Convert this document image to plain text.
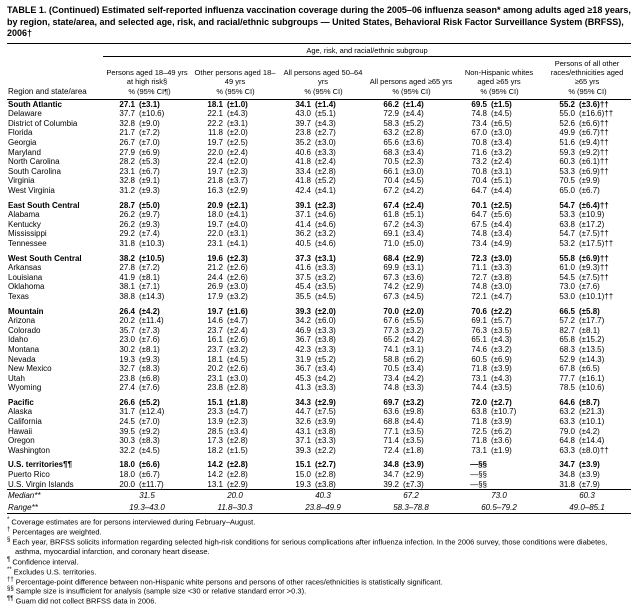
TABLE 1. (Continued) Estimated self-reported influenza vaccination coverage during the 2005–06 influenza season* among adults aged ≥18 years, by region, state/area, and selected age, risk, and racial/ethnic subgroups — United States, Behavioral Risk Factor Surveillance System (BRFSS), 2006†

	Age, risk, and racial/ethnic subgroup											
	Persons aged 18–49 yrs at high risk§		Other persons aged 18–49 yrs		All persons aged 50–64 yrs		All persons aged ≥65 yrs		Non-Hispanic whites aged ≥65 yrs		Persons of all other races/ethnicities aged ≥65 yrs	
Region and state/area	%	(95% CI¶)	%	(95% CI)	%	(95% CI)	%	(95% CI)	%	(95% CI)	%	(95% CI)
South Atlantic	27.1	(±3.1)	18.1	(±1.0)	34.1	(±1.4)	66.2	(±1.4)	69.5	(±1.5)	55.2	(±3.6)††
Delaware	37.7	(±10.6)	22.1	(±4.3)	43.0	(±5.1)	72.9	(±4.4)	74.8	(±4.5)	55.0	(±16.6)††
District of Columbia	32.8	(±9.0)	22.2	(±3.1)	39.7	(±4.3)	58.3	(±5.2)	73.4	(±6.5)	52.6	(±6.6)††
Florida	21.7	(±7.2)	11.8	(±2.0)	23.8	(±2.7)	63.2	(±2.8)	67.0	(±3.0)	49.9	(±6.7)††
Georgia	26.7	(±7.0)	19.7	(±2.5)	35.2	(±3.0)	65.6	(±3.6)	70.8	(±3.4)	51.6	(±9.4)††
Maryland	27.9	(±6.9)	22.0	(±2.4)	40.6	(±3.3)	68.3	(±3.4)	71.6	(±3.2)	59.3	(±9.2)††
North Carolina	28.2	(±5.3)	22.4	(±2.0)	41.8	(±2.4)	70.5	(±2.3)	73.2	(±2.4)	60.3	(±6.1)††
South Carolina	23.1	(±6.7)	19.7	(±2.3)	33.4	(±2.8)	66.1	(±3.0)	70.8	(±3.1)	53.3	(±6.9)††
Virginia	32.8	(±9.1)	21.8	(±3.7)	41.8	(±5.2)	70.4	(±4.5)	70.4	(±5.1)	70.5	(±9.9)
West Virginia	31.2	(±9.3)	16.3	(±2.9)	42.4	(±4.1)	67.2	(±4.2)	64.7	(±4.4)	65.0	(±6.7)

East South Central	28.7	(±5.0)	20.9	(±2.1)	39.1	(±2.3)	67.4	(±2.4)	70.1	(±2.5)	54.7	(±6.4)††
Alabama	26.2	(±9.7)	18.0	(±4.1)	37.1	(±4.6)	61.8	(±5.1)	64.7	(±5.6)	53.3	(±10.9)
Kentucky	26.2	(±9.3)	19.7	(±4.0)	41.4	(±4.6)	67.2	(±4.3)	67.5	(±4.4)	63.8	(±17.2)
Mississippi	29.2	(±7.4)	22.0	(±3.1)	36.2	(±3.2)	69.1	(±3.4)	74.8	(±3.4)	54.7	(±7.5)††
Tennessee	31.8	(±10.3)	23.1	(±4.1)	40.5	(±4.6)	71.0	(±5.0)	73.4	(±4.9)	53.2	(±17.5)††

West South Central	38.2	(±10.5)	19.6	(±2.3)	37.3	(±3.1)	68.4	(±2.9)	72.3	(±3.0)	55.8	(±6.9)††
Arkansas	27.8	(±7.2)	21.2	(±2.6)	41.6	(±3.3)	69.9	(±3.1)	71.1	(±3.3)	61.0	(±9.3)††
Louisiana	41.9	(±8.1)	24.4	(±2.6)	37.5	(±3.2)	67.3	(±3.6)	72.7	(±3.8)	54.5	(±7.5)††
Oklahoma	38.1	(±7.1)	26.9	(±3.0)	45.4	(±3.5)	74.2	(±2.9)	74.8	(±3.0)	73.0	(±7.6)
Texas	38.8	(±14.3)	17.9	(±3.2)	35.5	(±4.5)	67.3	(±4.5)	72.1	(±4.7)	53.0	(±10.1)††

Mountain	26.4	(±4.2)	19.7	(±1.6)	39.3	(±2.0)	70.0	(±2.0)	70.6	(±2.2)	66.5	(±5.8)
Arizona	20.2	(±11.4)	14.6	(±4.7)	34.2	(±6.0)	67.6	(±5.5)	69.1	(±5.7)	57.2	(±17.7)
Colorado	35.7	(±7.3)	23.7	(±2.4)	46.9	(±3.3)	77.3	(±3.2)	76.3	(±3.5)	82.7	(±8.1)
Idaho	23.0	(±7.6)	16.1	(±2.6)	36.7	(±3.8)	65.2	(±4.2)	65.1	(±4.3)	65.8	(±15.2)
Montana	30.2	(±8.1)	23.7	(±3.2)	42.3	(±3.3)	74.1	(±3.1)	74.6	(±3.2)	68.3	(±13.5)
Nevada	19.3	(±9.3)	18.1	(±4.5)	31.9	(±5.2)	58.8	(±6.2)	60.5	(±6.9)	52.9	(±14.3)
New Mexico	32.7	(±8.3)	20.2	(±2.6)	36.7	(±3.4)	70.5	(±3.4)	71.8	(±3.9)	67.8	(±6.5)
Utah	23.8	(±6.8)	23.1	(±3.0)	45.3	(±4.2)	73.4	(±4.2)	73.1	(±4.3)	77.7	(±16.1)
Wyoming	27.4	(±7.6)	23.8	(±2.8)	41.3	(±3.3)	74.8	(±3.3)	74.4	(±3.5)	78.5	(±10.6)

Pacific	26.6	(±5.2)	15.1	(±1.8)	34.3	(±2.9)	69.7	(±3.2)	72.0	(±2.7)	64.6	(±8.7)
Alaska	31.7	(±12.4)	23.3	(±4.7)	44.7	(±7.5)	63.6	(±9.8)	63.8	(±10.7)	63.2	(±21.3)
California	24.5	(±7.0)	13.9	(±2.3)	32.6	(±3.9)	68.8	(±4.4)	71.8	(±3.9)	63.3	(±10.1)
Hawaii	39.5	(±9.2)	28.5	(±3.4)	43.1	(±3.8)	77.1	(±3.5)	72.5	(±6.2)	79.0	(±4.2)
Oregon	30.3	(±8.3)	17.3	(±2.8)	37.1	(±3.3)	71.4	(±3.5)	71.8	(±3.6)	64.8	(±14.4)
Washington	32.2	(±4.5)	18.2	(±1.5)	39.3	(±2.2)	72.4	(±1.8)	73.1	(±1.9)	63.3	(±8.0)††

U.S. territories¶¶	18.0	(±6.6)	14.2	(±2.8)	15.1	(±2.7)	34.8	(±3.9)	—§§		34.7	(±3.9)
Puerto Rico	18.0	(±6.7)	14.2	(±2.8)	15.0	(±2.8)	34.7	(±2.9)	—§§		34.8	(±3.9)
U.S. Virgin Islands	20.0	(±11.7)	13.1	(±2.9)	19.3	(±3.8)	39.2	(±7.3)	—§§		31.8	(±7.9)
Median**	31.5		20.0		40.3		67.2		73.0		60.3	
Range**	19.3–43.0		11.8–30.3		23.8–49.9		58.3–78.8		60.5–79.2		49.0–85.1	

* Coverage estimates are for persons interviewed during February–August.

† Percentages are weighted.

§ Each year, BRFSS solicits information regarding selected high-risk conditions for serious complications after influenza infection. In the 2006 survey, those conditions were diabetes, asthma, myocardial infarction, and coronary heart disease.

¶ Confidence interval.

** Excludes U.S. territories.

†† Percentage-point difference between non-Hispanic white persons and persons of other races/ethnicities is statistically significant.

§§ Sample size is insufficient for analysis (sample size <30 or relative standard error >0.3).

¶¶ Guam did not collect BRFSS data in 2006.
